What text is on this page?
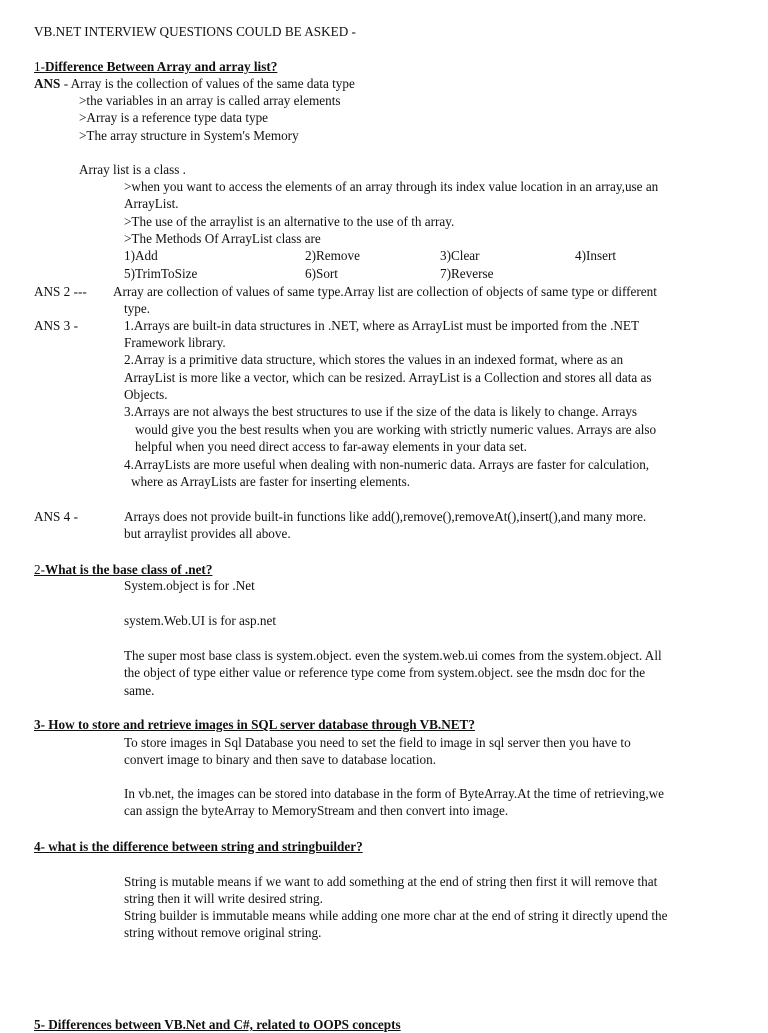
VB.NET INTERVIEW QUESTIONS COULD BE ASKED -
1-Difference Between Array and array list?
ANS - Array is the collection of values of the same data type
>the variables in an array is called array elements
>Array is a reference type data type
>The array structure in System's Memory
Array list is a class .
>when you want to access the elements of an array through its index value location in an array,use an
ArrayList.
>The use of the arraylist is an alternative to the use of th array.
>The Methods Of ArrayList class are
1)Add	2)Remove	3)Clear	4)Insert
5)TrimToSize	6)Sort	7)Reverse
ANS 2 --- Array are collection of values of same type.Array list are collection of objects of same type or different
type.
ANS 3 -	1.Arrays are built-in data structures in .NET, where as ArrayList must be imported from the .NET
Framework library.
2.Array is a primitive data structure, which stores the values in an indexed format, where as an
ArrayList is more like a vector, which can be resized. ArrayList is a Collection and stores all data as
Objects.
3.Arrays are not always the best structures to use if the size of the data is likely to change. Arrays
would give you the best results when you are working with strictly numeric values. Arrays are also
helpful when you need direct access to far-away elements in your data set.
4.ArrayLists are more useful when dealing with non-numeric data. Arrays are faster for calculation,
where as ArrayLists are faster for inserting elements.
ANS 4 -	Arrays does not provide built-in functions like add(),remove(),removeAt(),insert(),and many more.
but arraylist provides all above.
2-What is the base class of .net?
System.object is for .Net
system.Web.UI is for asp.net
The super most base class is system.object. even the system.web.ui comes from the system.object. All
the object of type either value or reference type come from system.object. see the msdn doc for the
same.
3- How to store and retrieve images in SQL server database through VB.NET?
To store images in Sql Database you need to set the field to image in sql server then you have to
convert image to binary and then save to database location.
In vb.net, the images can be stored into database in the form of ByteArray.At the time of retrieving,we
can assign the byteArray to MemoryStream and then convert into image.
4- what is the difference between string and stringbuilder?
String is mutable means if we want to add something at the end of string then first it will remove that
string then it will write desired string.
String builder is immutable means while adding one more char at the end of string it directly upend the
string without remove original string.
5- Differences between VB.Net and C#, related to OOPS concepts
